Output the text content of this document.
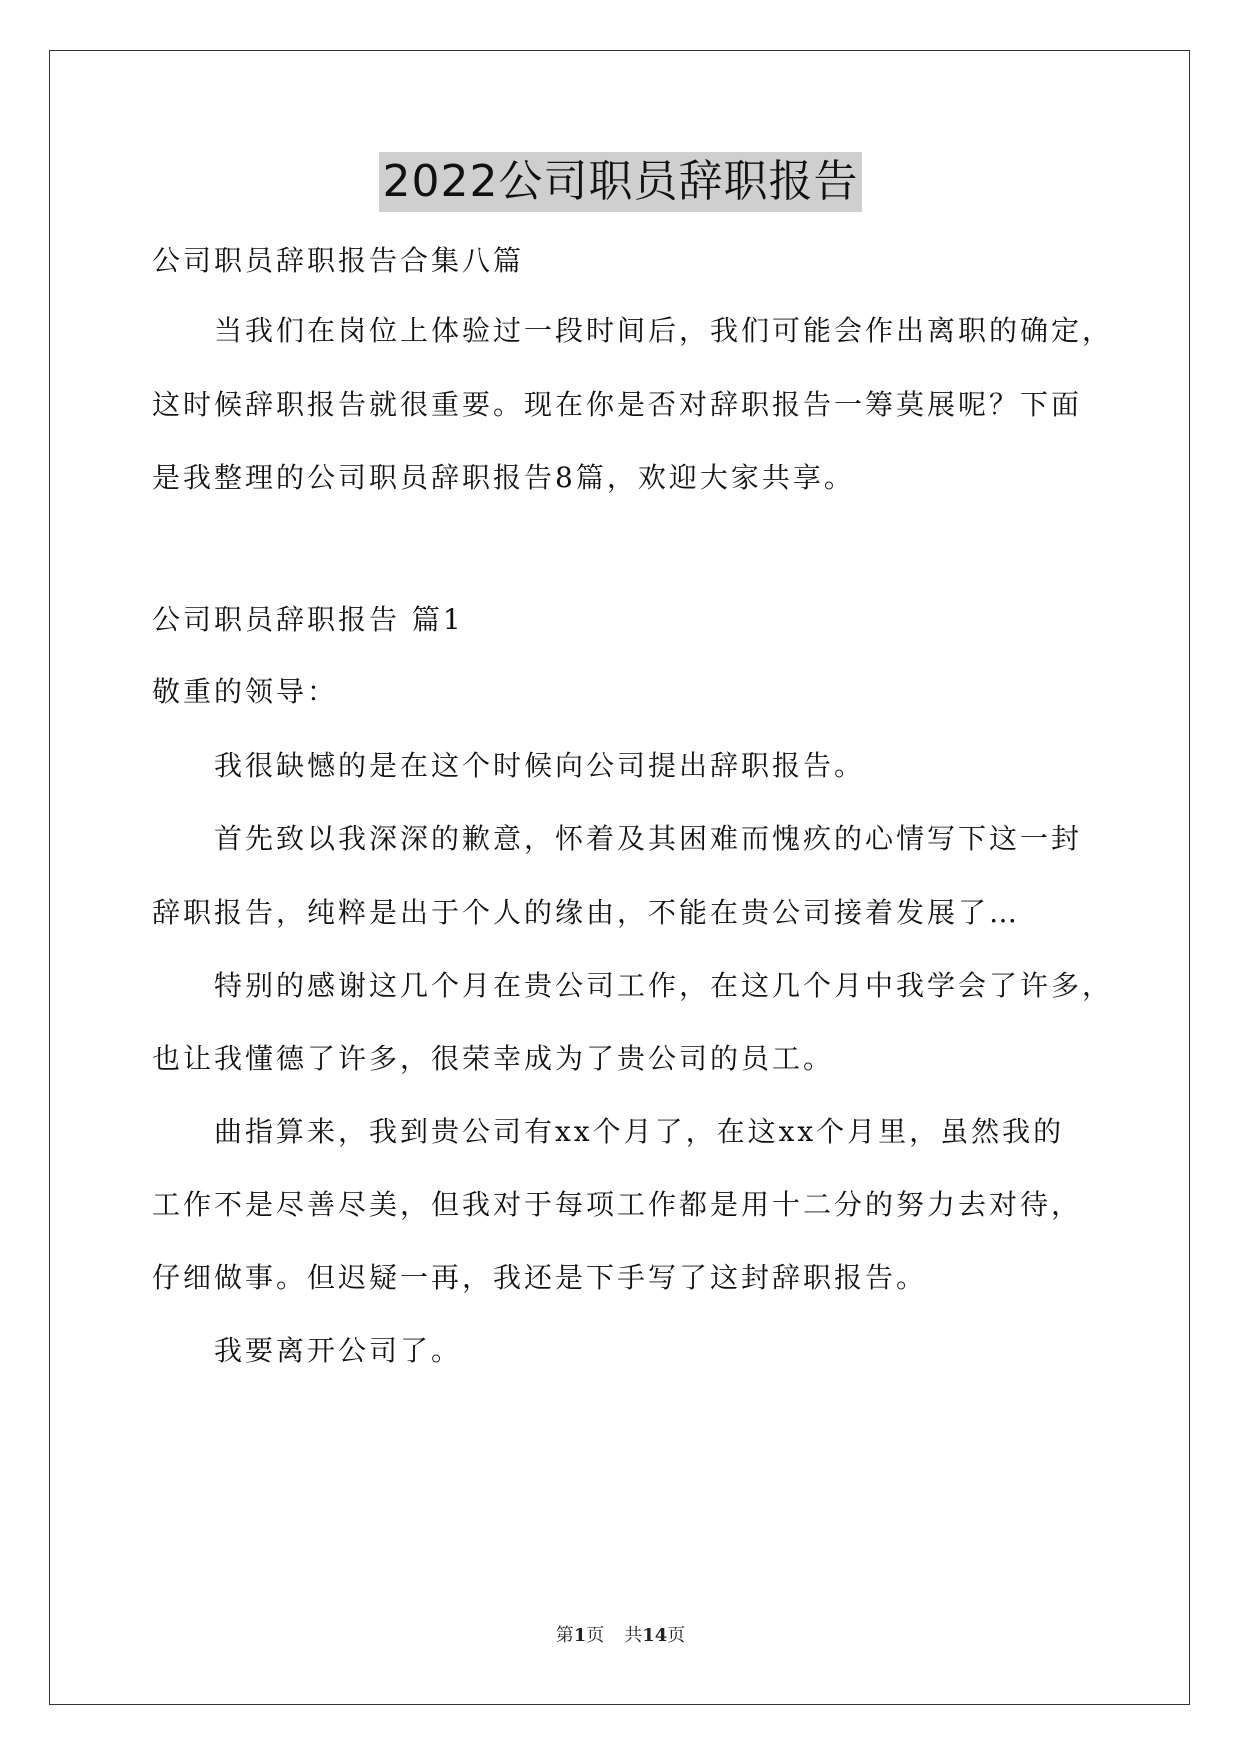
2022公司职员辞职报告
公司职员辞职报告合集八篇
当我们在岗位上体验过一段时间后，我们可能会作出离职的确定，
这时候辞职报告就很重要。现在你是否对辞职报告一筹莫展呢？下面
是我整理的公司职员辞职报告8篇，欢迎大家共享。
公司职员辞职报告 篇1
敬重的领导：
我很缺憾的是在这个时候向公司提出辞职报告。
首先致以我深深的歉意，怀着及其困难而愧疚的心情写下这一封
辞职报告，纯粹是出于个人的缘由，不能在贵公司接着发展了…
特别的感谢这几个月在贵公司工作，在这几个月中我学会了许多，
也让我懂德了许多，很荣幸成为了贵公司的员工。
曲指算来，我到贵公司有xx个月了，在这xx个月里，虽然我的
工作不是尽善尽美，但我对于每项工作都是用十二分的努力去对待，
仔细做事。但迟疑一再，我还是下手写了这封辞职报告。
我要离开公司了。
第1页 共14页
